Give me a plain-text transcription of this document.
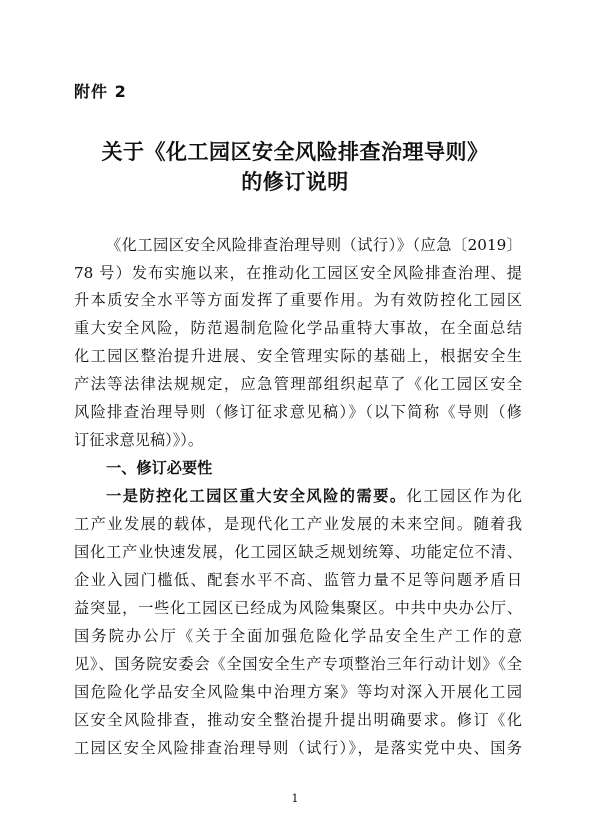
附件 2
关于《化工园区安全风险排查治理导则》
的修订说明
《化工园区安全风险排查治理导则（试行）》（应急〔2019〕
78 号）发布实施以来，在推动化工园区安全风险排查治理、提
升本质安全水平等方面发挥了重要作用。为有效防控化工园区
重大安全风险，防范遏制危险化学品重特大事故，在全面总结
化工园区整治提升进展、安全管理实际的基础上，根据安全生
产法等法律法规规定，应急管理部组织起草了《化工园区安全
风险排查治理导则（修订征求意见稿）》（以下简称《导则（修
订征求意见稿）》）。
一、修订必要性
一是防控化工园区重大安全风险的需要。化工园区作为化
工产业发展的载体，是现代化工产业发展的未来空间。随着我
国化工产业快速发展，化工园区缺乏规划统筹、功能定位不清、
企业入园门槛低、配套水平不高、监管力量不足等问题矛盾日
益突显，一些化工园区已经成为风险集聚区。中共中央办公厅、
国务院办公厅《关于全面加强危险化学品安全生产工作的意
见》、国务院安委会《全国安全生产专项整治三年行动计划》《全
国危险化学品安全风险集中治理方案》等均对深入开展化工园
区安全风险排查，推动安全整治提升提出明确要求。修订《化
工园区安全风险排查治理导则（试行）》，是落实党中央、国务
1
